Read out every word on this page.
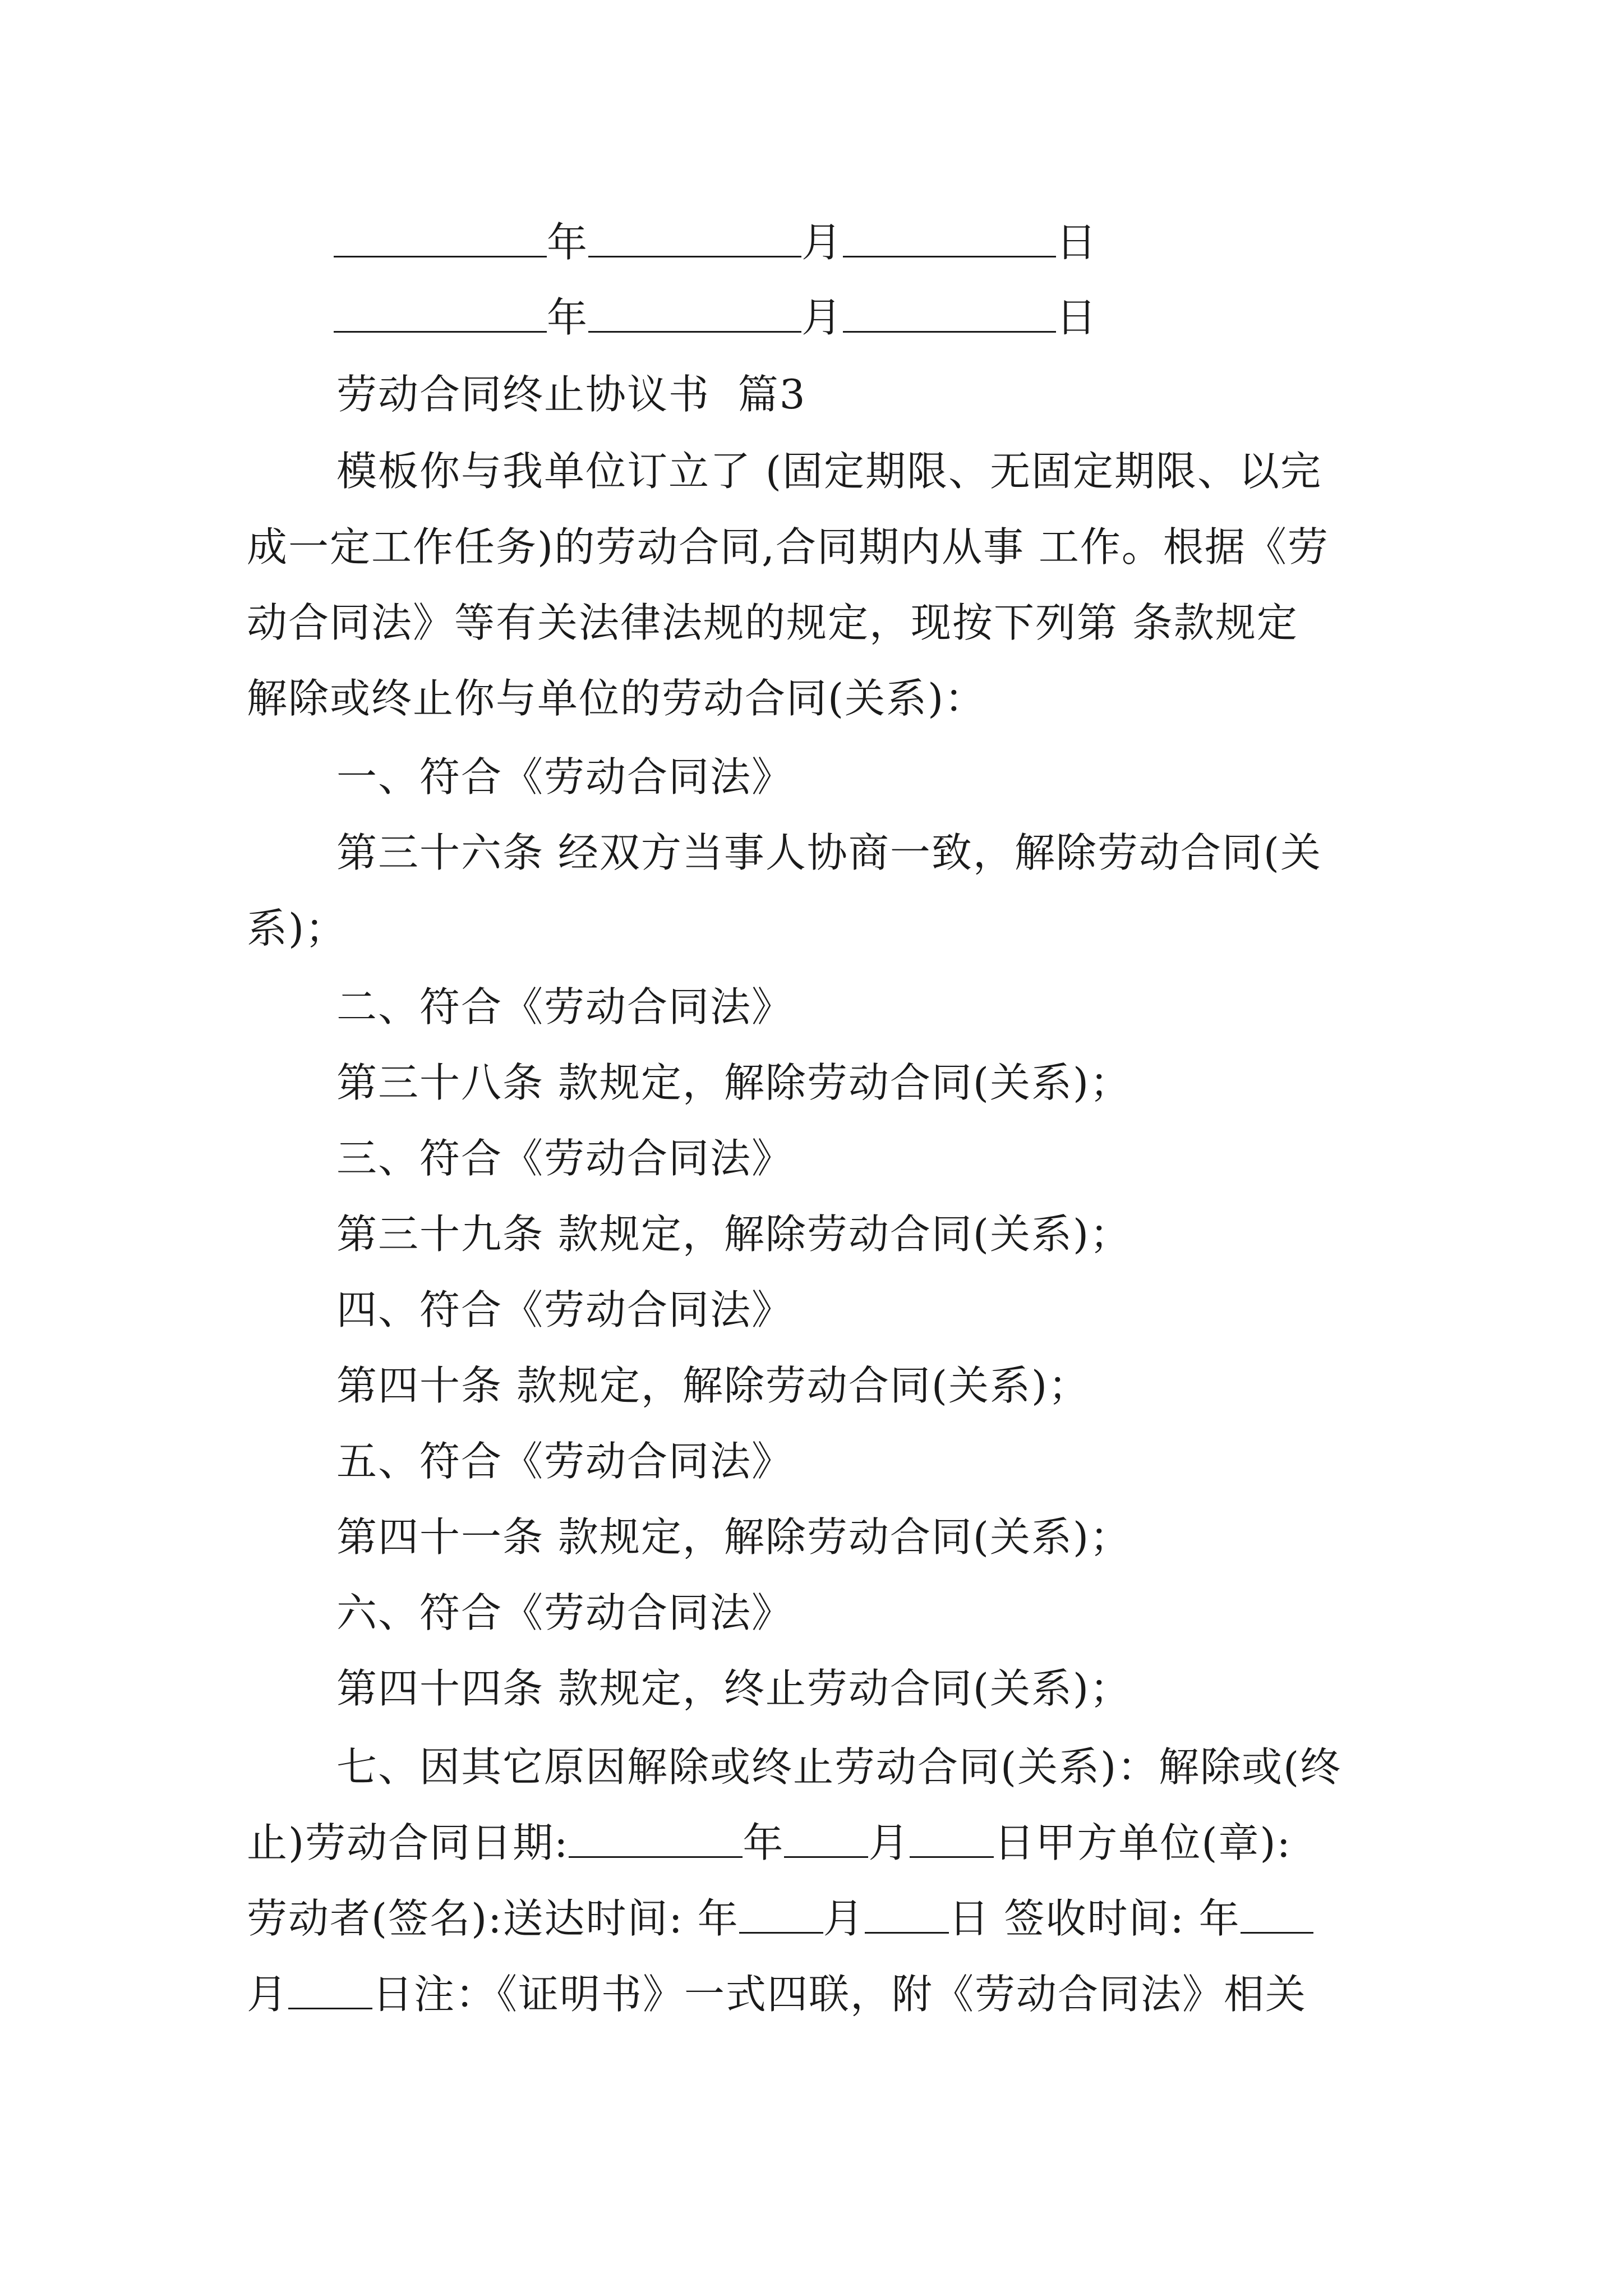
年	月	日
年	月	日
劳动合同终止协议书 篇3
模板你与我单位订立了 (固定期限、无固定期限、以完
成一定工作任务)的劳动合同,合同期内从事 工作。根据《劳
动合同法》等有关法律法规的规定，现按下列第 条款规定
解除或终止你与单位的劳动合同(关系)：
一、符合《劳动合同法》
第三十六条 经双方当事人协商一致，解除劳动合同(关
系)；
二、符合《劳动合同法》
第三十八条 款规定，解除劳动合同(关系)；
三、符合《劳动合同法》
第三十九条 款规定，解除劳动合同(关系)；
四、符合《劳动合同法》
第四十条 款规定，解除劳动合同(关系)；
五、符合《劳动合同法》
第四十一条 款规定，解除劳动合同(关系)；
六、符合《劳动合同法》
第四十四条 款规定，终止劳动合同(关系)；
七、因其它原因解除或终止劳动合同(关系)：解除或(终
止)劳动合同日期:	年 月 日甲方单位(章):
劳动者(签名):送达时间: 年 月 日 签收时间: 年
月 日注：《证明书》一式四联，附《劳动合同法》相关
